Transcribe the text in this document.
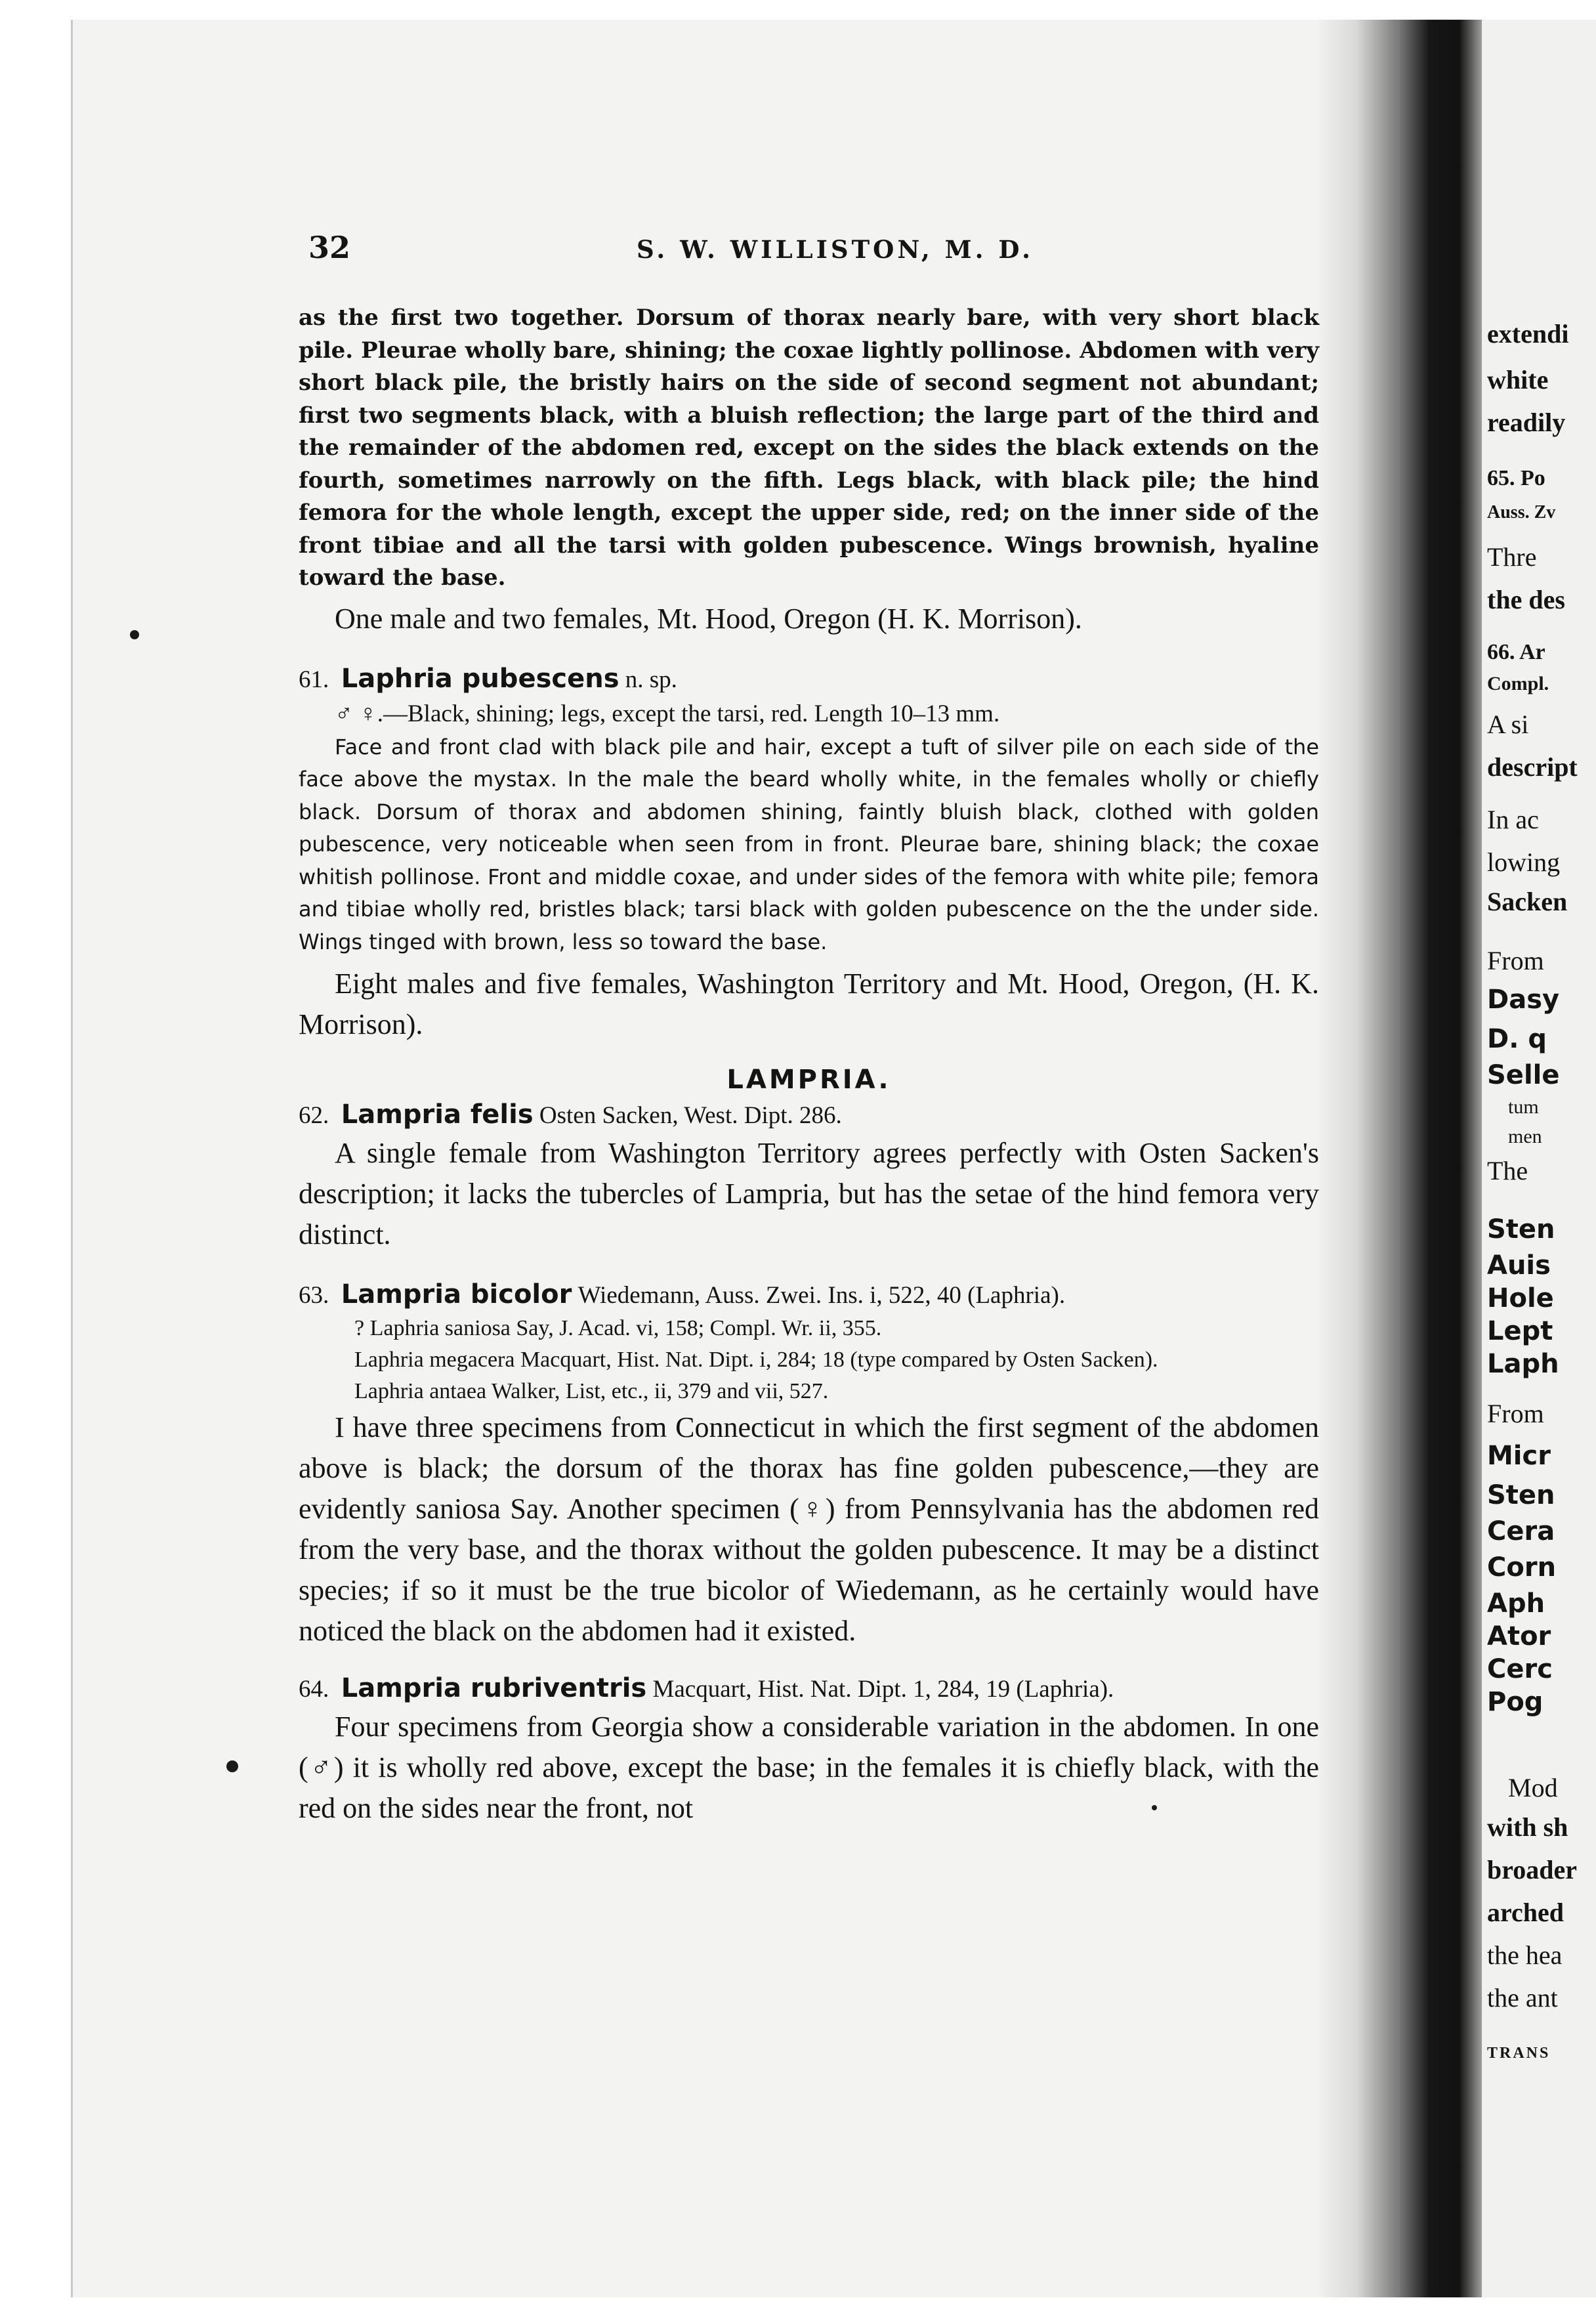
32	S. W. WILLISTON, M. D.

as the first two together. Dorsum of thorax nearly bare, with very short black pile. Pleurae wholly bare, shining; the coxae lightly pollinose. Abdomen with very short black pile, the bristly hairs on the side of second segment not abundant; first two segments black, with a bluish reflection; the large part of the third and the remainder of the abdomen red, except on the sides the black extends on the fourth, sometimes narrowly on the fifth. Legs black, with black pile; the hind femora for the whole length, except the upper side, red; on the inner side of the front tibiae and all the tarsi with golden pubescence. Wings brownish, hyaline toward the base.

One male and two females, Mt. Hood, Oregon (H. K. Morrison).

61. Laphria pubescens n. sp.

♂ ♀.—Black, shining; legs, except the tarsi, red. Length 10–13 mm.

Face and front clad with black pile and hair, except a tuft of silver pile on each side of the face above the mystax. In the male the beard wholly white, in the females wholly or chiefly black. Dorsum of thorax and abdomen shining, faintly bluish black, clothed with golden pubescence, very noticeable when seen from in front. Pleurae bare, shining black; the coxae whitish pollinose. Front and middle coxae, and under sides of the femora with white pile; femora and tibiae wholly red, bristles black; tarsi black with golden pubescence on the the under side. Wings tinged with brown, less so toward the base.

Eight males and five females, Washington Territory and Mt. Hood, Oregon, (H. K. Morrison).

LAMPRIA.
62. Lampria felis Osten Sacken, West. Dipt. 286.

A single female from Washington Territory agrees perfectly with Osten Sacken's description; it lacks the tubercles of Lampria, but has the setae of the hind femora very distinct.

63. Lampria bicolor Wiedemann, Auss. Zwei. Ins. i, 522, 40 (Laphria).

? Laphria saniosa Say, J. Acad. vi, 158; Compl. Wr. ii, 355.

Laphria megacera Macquart, Hist. Nat. Dipt. i, 284; 18 (type compared by Osten Sacken).

Laphria antaea Walker, List, etc., ii, 379 and vii, 527.

I have three specimens from Connecticut in which the first segment of the abdomen above is black; the dorsum of the thorax has fine golden pubescence,—they are evidently saniosa Say. Another specimen (♀) from Pennsylvania has the abdomen red from the very base, and the thorax without the golden pubescence. It may be a distinct species; if so it must be the true bicolor of Wiedemann, as he certainly would have noticed the black on the abdomen had it existed.

64. Lampria rubriventris Macquart, Hist. Nat. Dipt. 1, 284, 19 (Laphria).

Four specimens from Georgia show a considerable variation in the abdomen. In one (♂) it is wholly red above, except the base; in the females it is chiefly black, with the red on the sides near the front, not

extendi
white
readily
65. Po
Auss. Zv
Thre
the des
66. Ar
Compl.
A si
descript
In ac
lowing
Sacken
From
Dasy
D. q
Selle
tum
men
The
Sten
Auis
Hole
Lept
Laph
From
Micr
Sten
Cera
Corn
Aph
Ator
Cerc
Pog
Mod
with sh
broader
arched
the hea
the ant
TRANS
